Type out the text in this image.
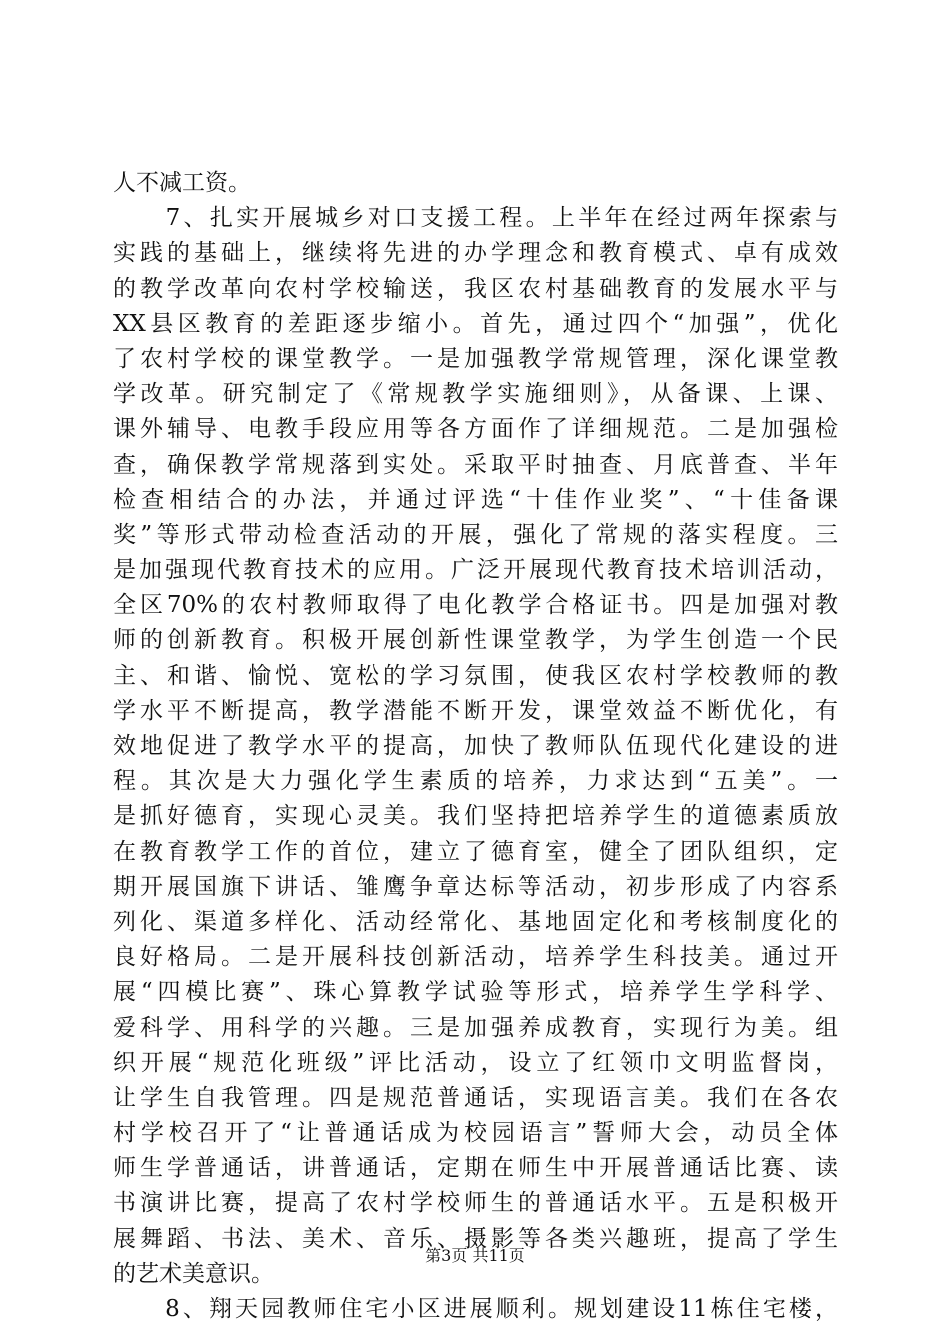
人不减工资。
　　7、扎实开展城乡对口支援工程。上半年在经过两年探索与
实践的基础上，继续将先进的办学理念和教育模式、卓有成效
的教学改革向农村学校输送，我区农村基础教育的发展水平与
XX县区教育的差距逐步缩小。首先，通过四个“加强”，优化
了农村学校的课堂教学。一是加强教学常规管理，深化课堂教
学改革。研究制定了《常规教学实施细则》，从备课、上课、
课外辅导、电教手段应用等各方面作了详细规范。二是加强检
查，确保教学常规落到实处。采取平时抽查、月底普查、半年
检查相结合的办法，并通过评选“十佳作业奖”、“十佳备课
奖”等形式带动检查活动的开展，强化了常规的落实程度。三
是加强现代教育技术的应用。广泛开展现代教育技术培训活动，
全区70%的农村教师取得了电化教学合格证书。四是加强对教
师的创新教育。积极开展创新性课堂教学，为学生创造一个民
主、和谐、愉悦、宽松的学习氛围，使我区农村学校教师的教
学水平不断提高，教学潜能不断开发，课堂效益不断优化，有
效地促进了教学水平的提高，加快了教师队伍现代化建设的进
程。其次是大力强化学生素质的培养，力求达到“五美”。一
是抓好德育，实现心灵美。我们坚持把培养学生的道德素质放
在教育教学工作的首位，建立了德育室，健全了团队组织，定
期开展国旗下讲话、雏鹰争章达标等活动，初步形成了内容系
列化、渠道多样化、活动经常化、基地固定化和考核制度化的
良好格局。二是开展科技创新活动，培养学生科技美。通过开
展“四模比赛”、珠心算教学试验等形式，培养学生学科学、
爱科学、用科学的兴趣。三是加强养成教育，实现行为美。组
织开展“规范化班级”评比活动，设立了红领巾文明监督岗，
让学生自我管理。四是规范普通话，实现语言美。我们在各农
村学校召开了“让普通话成为校园语言”誓师大会，动员全体
师生学普通话，讲普通话，定期在师生中开展普通话比赛、读
书演讲比赛，提高了农村学校师生的普通话水平。五是积极开
展舞蹈、书法、美术、音乐、摄影等各类兴趣班，提高了学生
的艺术美意识。
　　8、翔天园教师住宅小区进展顺利。规划建设11栋住宅楼，
第3页 共11页
